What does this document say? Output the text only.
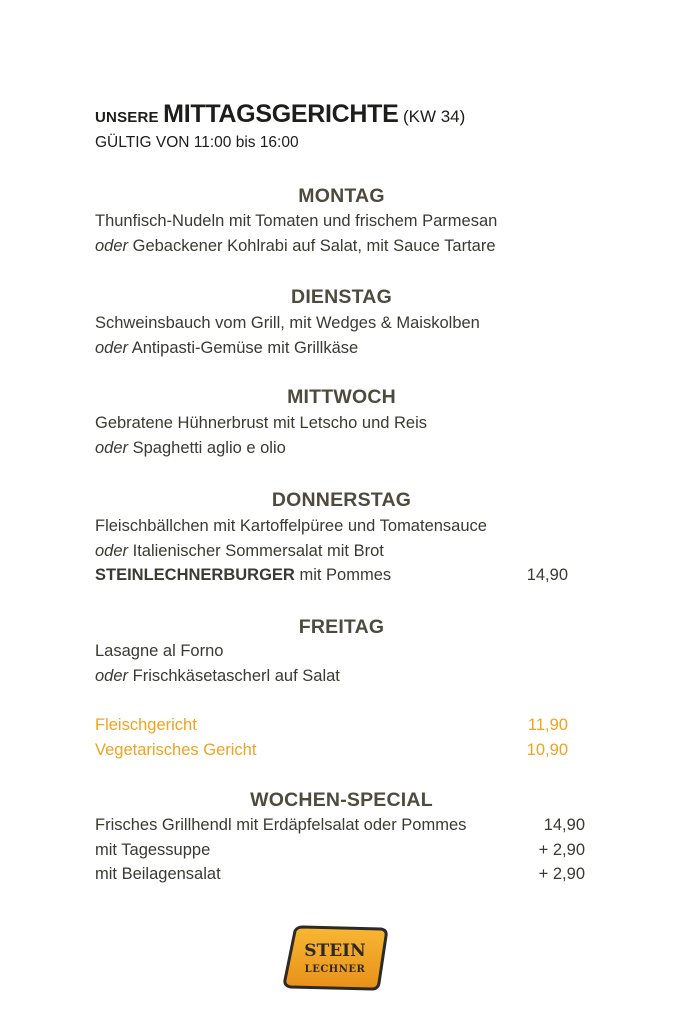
UNSERE MITTAGSGERICHTE (KW 34)
GÜLTIG VON 11:00 bis 16:00
MONTAG
Thunfisch-Nudeln mit Tomaten und frischem Parmesan
oder Gebackener Kohlrabi auf Salat, mit Sauce Tartare
DIENSTAG
Schweinsbauch vom Grill, mit Wedges & Maiskolben
oder Antipasti-Gemüse mit Grillkäse
MITTWOCH
Gebratene Hühnerbrust mit Letscho und Reis
oder Spaghetti aglio e olio
DONNERSTAG
Fleischbällchen mit Kartoffelpüree und Tomatensauce
oder Italienischer Sommersalat mit Brot
STEINLECHNERBURGER mit Pommes	14,90
FREITAG
Lasagne al Forno
oder Frischkäsetascherl auf Salat
Fleischgericht	11,90
Vegetarisches Gericht	10,90
WOCHEN-SPECIAL
Frisches Grillhendl mit Erdäpfelsalat oder Pommes	14,90
mit Tagessuppe	+ 2,90
mit Beilagensalat	+ 2,90
STEIN
LECHNER
